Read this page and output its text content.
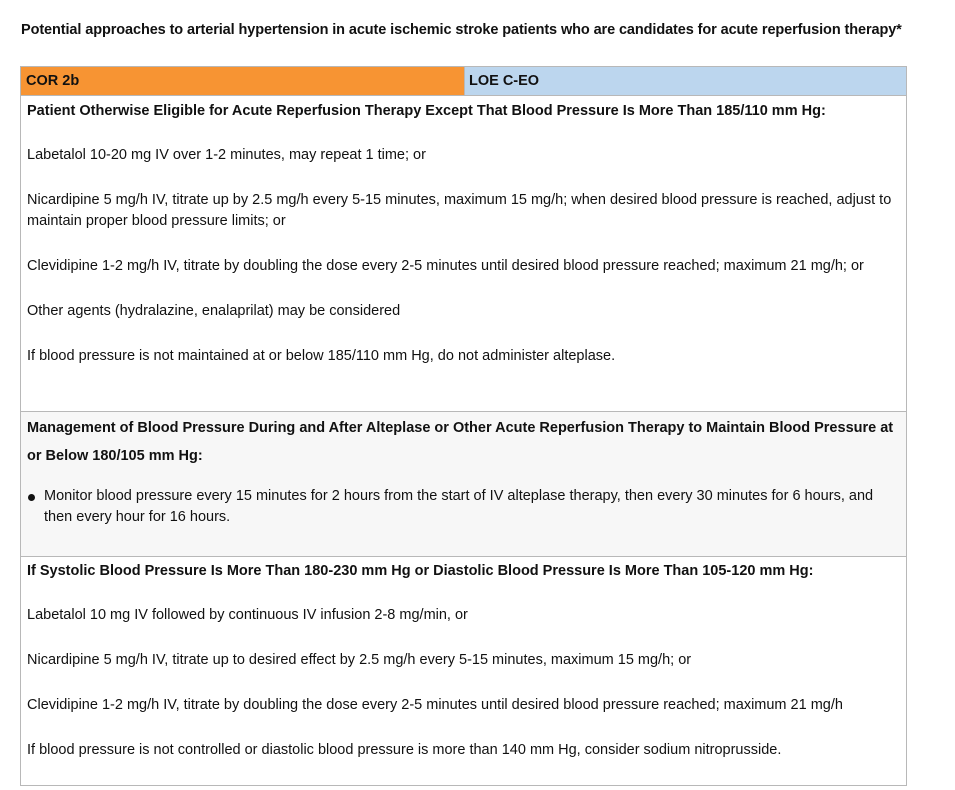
Potential approaches to arterial hypertension in acute ischemic stroke patients who are candidates for acute reperfusion therapy*
COR 2b	LOE C-EO

Patient Otherwise Eligible for Acute Reperfusion Therapy Except That Blood Pressure Is More Than 185/110 mm Hg:

Labetalol 10-20 mg IV over 1-2 minutes, may repeat 1 time; or

Nicardipine 5 mg/h IV, titrate up by 2.5 mg/h every 5-15 minutes, maximum 15 mg/h; when desired blood pressure is reached, adjust to maintain proper blood pressure limits; or

Clevidipine 1-2 mg/h IV, titrate by doubling the dose every 2-5 minutes until desired blood pressure reached; maximum 21 mg/h; or

Other agents (hydralazine, enalaprilat) may be considered

If blood pressure is not maintained at or below 185/110 mm Hg, do not administer alteplase.

Management of Blood Pressure During and After Alteplase or Other Acute Reperfusion Therapy to Maintain Blood Pressure at or Below 180/105 mm Hg:

Monitor blood pressure every 15 minutes for 2 hours from the start of IV alteplase therapy, then every 30 minutes for 6 hours, and then every hour for 16 hours.

If Systolic Blood Pressure Is More Than 180-230 mm Hg or Diastolic Blood Pressure Is More Than 105-120 mm Hg:

Labetalol 10 mg IV followed by continuous IV infusion 2-8 mg/min, or

Nicardipine 5 mg/h IV, titrate up to desired effect by 2.5 mg/h every 5-15 minutes, maximum 15 mg/h; or

Clevidipine 1-2 mg/h IV, titrate by doubling the dose every 2-5 minutes until desired blood pressure reached; maximum 21 mg/h

If blood pressure is not controlled or diastolic blood pressure is more than 140 mm Hg, consider sodium nitroprusside.
